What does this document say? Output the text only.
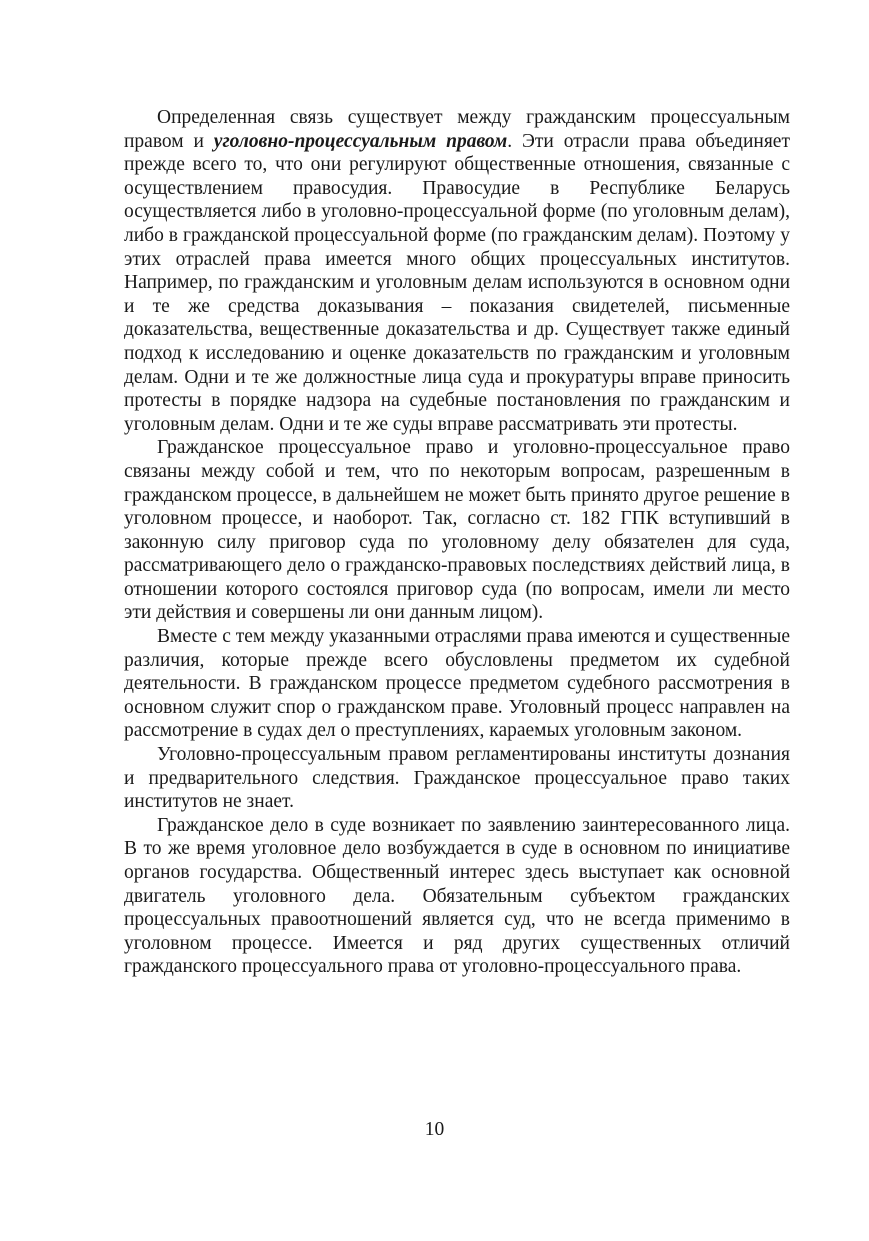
Определенная связь существует между гражданским процессуальным правом и уголовно-процессуальным правом. Эти отрасли права объединяет прежде всего то, что они регулируют общественные отношения, связанные с осуществлением правосудия. Правосудие в Республике Беларусь осуществляется либо в уголовно-процессуальной форме (по уголовным делам), либо в гражданской процессуальной форме (по гражданским делам). Поэтому у этих отраслей права имеется много общих процессуальных институтов. Например, по гражданским и уголовным делам используются в основном одни и те же средства доказывания – показания свидетелей, письменные доказательства, вещественные доказательства и др. Существует также единый подход к исследованию и оценке доказательств по гражданским и уголовным делам. Одни и те же должностные лица суда и прокуратуры вправе приносить протесты в порядке надзора на судебные постановления по гражданским и уголовным делам. Одни и те же суды вправе рассматривать эти протесты.

Гражданское процессуальное право и уголовно-процессуальное право связаны между собой и тем, что по некоторым вопросам, разрешенным в гражданском процессе, в дальнейшем не может быть принято другое решение в уголовном процессе, и наоборот. Так, согласно ст. 182 ГПК вступивший в законную силу приговор суда по уголовному делу обязателен для суда, рассматривающего дело о гражданско-правовых последствиях действий лица, в отношении которого состоялся приговор суда (по вопросам, имели ли место эти действия и совершены ли они данным лицом).

Вместе с тем между указанными отраслями права имеются и существенные различия, которые прежде всего обусловлены предметом их судебной деятельности. В гражданском процессе предметом судебного рассмотрения в основном служит спор о гражданском праве. Уголовный процесс направлен на рассмотрение в судах дел о преступлениях, караемых уголовным законом.

Уголовно-процессуальным правом регламентированы институты дознания и предварительного следствия. Гражданское процессуальное право таких институтов не знает.

Гражданское дело в суде возникает по заявлению заинтересованного лица. В то же время уголовное дело возбуждается в суде в основном по инициативе органов государства. Общественный интерес здесь выступает как основной двигатель уголовного дела. Обязательным субъектом гражданских процессуальных правоотношений является суд, что не всегда применимо в уголовном процессе. Имеется и ряд других существенных отличий гражданского процессуального права от уголовно-процессуального права.

10
